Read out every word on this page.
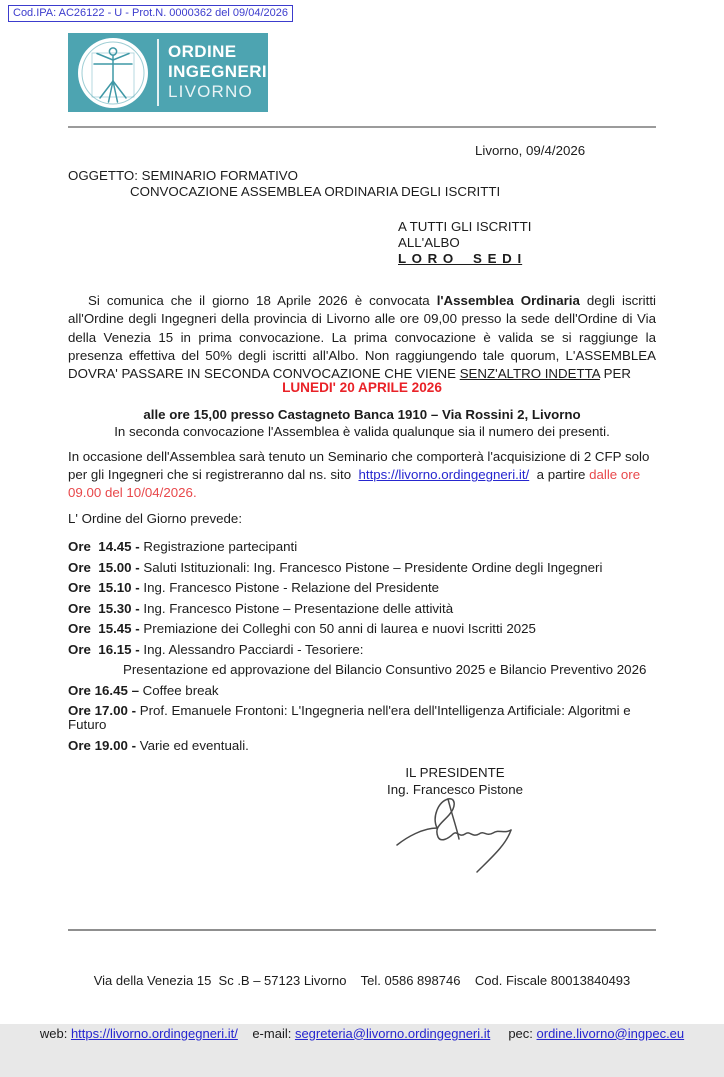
Cod.IPA: AC26122 - U - Prot.N. 0000362 del 09/04/2026
ORDINE
INGEGNERI
LIVORNO
Livorno, 09/4/2026
OGGETTO: SEMINARIO FORMATIVO
CONVOCAZIONE ASSEMBLEA ORDINARIA DEGLI ISCRITTI
A TUTTI GLI ISCRITTI
ALL'ALBO
L O R O    S E D I
Si comunica che il giorno 18 Aprile 2026 è convocata l'Assemblea Ordinaria degli iscritti all'Ordine degli Ingegneri della provincia di Livorno alle ore 09,00 presso la sede dell'Ordine di Via della Venezia 15 in prima convocazione. La prima convocazione è valida se si raggiunge la presenza effettiva del 50% degli iscritti all'Albo. Non raggiungendo tale quorum, L'ASSEMBLEA DOVRA' PASSARE IN SECONDA CONVOCAZIONE CHE VIENE SENZ'ALTRO INDETTA PER
LUNEDI' 20 APRILE 2026
alle ore 15,00 presso Castagneto Banca 1910 – Via Rossini 2, Livorno
In seconda convocazione l'Assemblea è valida qualunque sia il numero dei presenti.
In occasione dell'Assemblea sarà tenuto un Seminario che comporterà l'acquisizione di 2 CFP solo per gli Ingegneri che si registreranno dal ns. sito  https://livorno.ordingegneri.it/  a partire dalle ore 09.00 del 10/04/2026.
L' Ordine del Giorno prevede:
Ore  14.45 - Registrazione partecipanti
Ore  15.00 - Saluti Istituzionali: Ing. Francesco Pistone – Presidente Ordine degli Ingegneri
Ore  15.10 - Ing. Francesco Pistone - Relazione del Presidente
Ore  15.30 - Ing. Francesco Pistone – Presentazione delle attività
Ore  15.45 - Premiazione dei Colleghi con 50 anni di laurea e nuovi Iscritti 2025
Ore  16.15 - Ing. Alessandro Pacciardi - Tesoriere:
Presentazione ed approvazione del Bilancio Consuntivo 2025 e Bilancio Preventivo 2026
Ore 16.45 – Coffee break
Ore 17.00 - Prof. Emanuele Frontoni: L'Ingegneria nell'era dell'Intelligenza Artificiale: Algoritmi e Futuro
Ore 19.00 - Varie ed eventuali.
IL PRESIDENTE
Ing. Francesco Pistone

Via della Venezia 15  Sc .B – 57123 Livorno    Tel. 0586 898746    Cod. Fiscale 80013840493

web: https://livorno.ordingegneri.it/    e-mail: segreteria@livorno.ordingegneri.it     pec: ordine.livorno@ingpec.eu
